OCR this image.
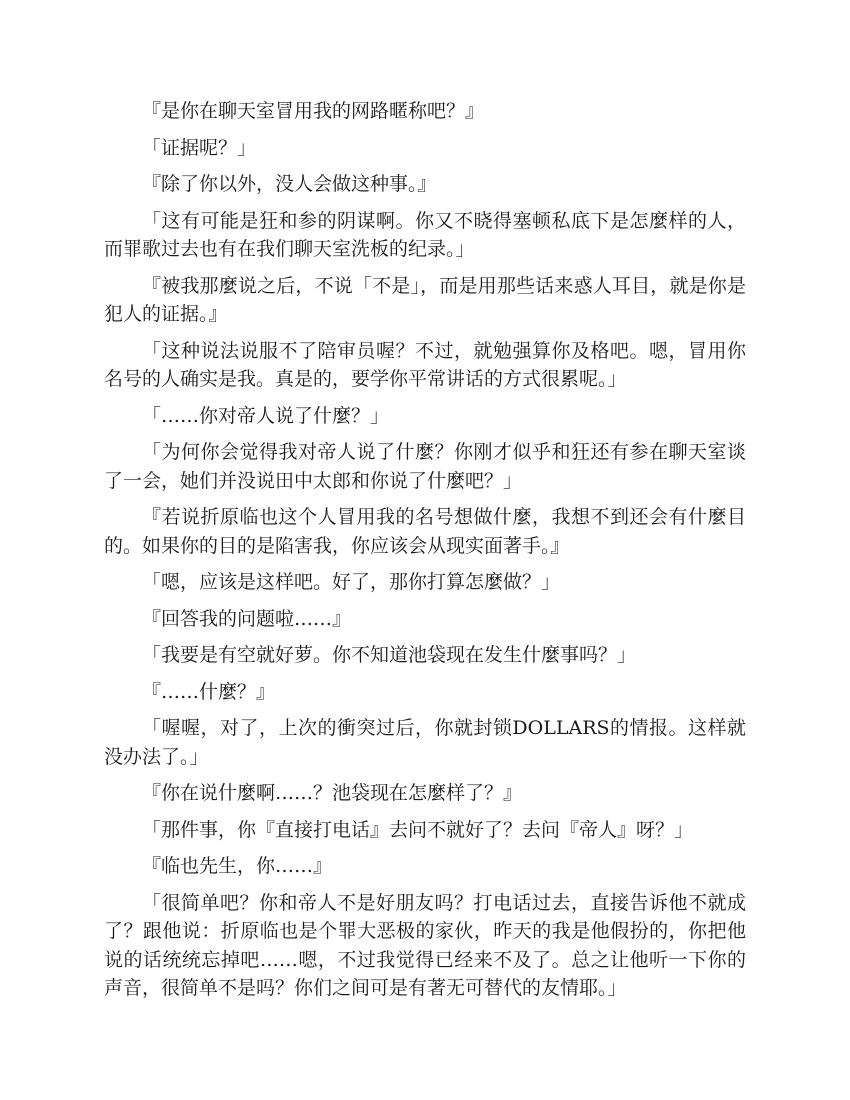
『是你在聊天室冒用我的网路暱称吧？』

「证据呢？」

『除了你以外，没人会做这种事。』

「这有可能是狂和参的阴谋啊。你又不晓得塞顿私底下是怎麼样的人，而罪歌过去也有在我们聊天室洗板的纪录。」

『被我那麼说之后，不说「不是」，而是用那些话来惑人耳目，就是你是犯人的证据。』

「这种说法说服不了陪审员喔？不过，就勉强算你及格吧。嗯，冒用你名号的人确实是我。真是的，要学你平常讲话的方式很累呢。」

「……你对帝人说了什麼？」

「为何你会觉得我对帝人说了什麼？你刚才似乎和狂还有参在聊天室谈了一会，她们并没说田中太郎和你说了什麼吧？」

『若说折原临也这个人冒用我的名号想做什麼，我想不到还会有什麼目的。如果你的目的是陷害我，你应该会从现实面著手。』

「嗯，应该是这样吧。好了，那你打算怎麼做？」

『回答我的问题啦……』

「我要是有空就好萝。你不知道池袋现在发生什麼事吗？」

『……什麼？』

「喔喔，对了，上次的衝突过后，你就封锁DOLLARS的情报。这样就没办法了。」

『你在说什麼啊……？池袋现在怎麼样了？』

「那件事，你『直接打电话』去问不就好了？去问『帝人』呀？」

『临也先生，你……』

「很简单吧？你和帝人不是好朋友吗？打电话过去，直接告诉他不就成了？跟他说：折原临也是个罪大恶极的家伙，昨天的我是他假扮的，你把他说的话统统忘掉吧……嗯，不过我觉得已经来不及了。总之让他听一下你的声音，很简单不是吗？你们之间可是有著无可替代的友情耶。」
